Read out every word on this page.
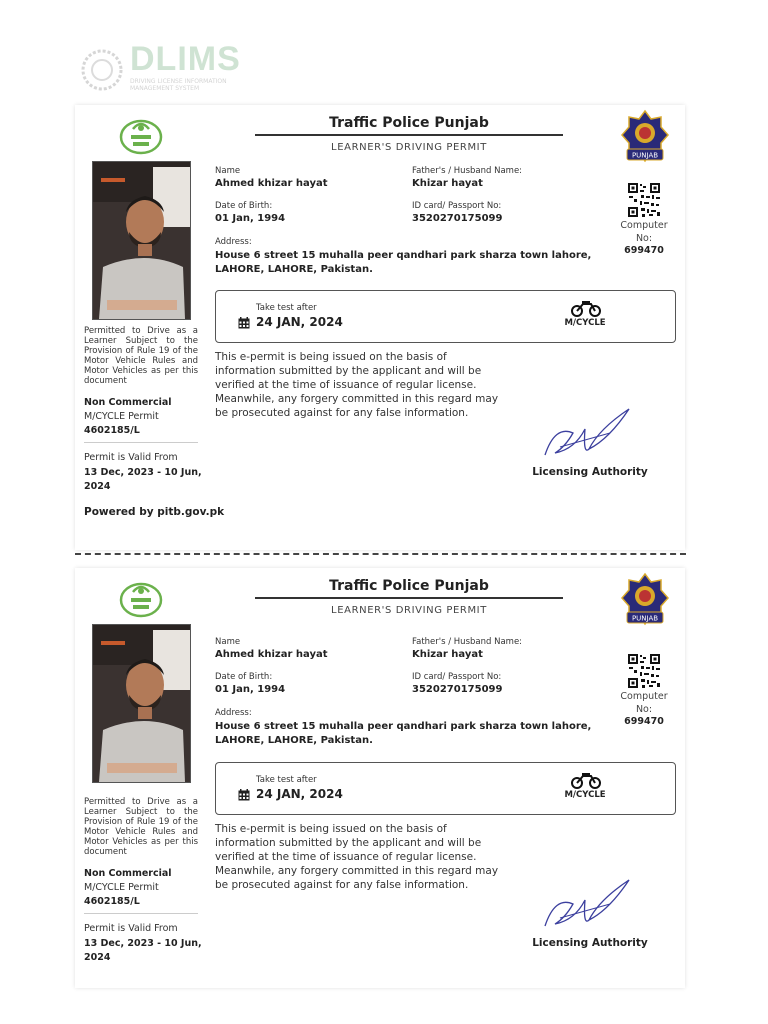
DLIMS
DRIVING LICENSE INFORMATION MANAGEMENT SYSTEM
Traffic Police Punjab
LEARNER'S DRIVING PERMIT
PUNJAB
Name
Ahmed khizar hayat
Father's / Husband Name:
Khizar hayat
Date of Birth:
01 Jan, 1994
ID card/ Passport No:
3520270175099
Address:
House 6 street 15 muhalla peer qandhari park sharza town lahore, LAHORE, LAHORE, Pakistan.
Computer No:
699470
Take test after
24 JAN, 2024	M/CYCLE
This e-permit is being issued on the basis of information submitted by the applicant and will be verified at the time of issuance of regular license. Meanwhile, any forgery committed in this regard may be prosecuted against for any false information.
Permitted to Drive as a Learner Subject to the Provision of Rule 19 of the Motor Vehicle Rules and Motor Vehicles as per this document
Non Commercial
M/CYCLE Permit
4602185/L
Permit is Valid From
13 Dec, 2023 - 10 Jun, 2024
Licensing Authority
Powered by pitb.gov.pk
Traffic Police Punjab
LEARNER'S DRIVING PERMIT
PUNJAB
Name
Ahmed khizar hayat
Father's / Husband Name:
Khizar hayat
Date of Birth:
01 Jan, 1994
ID card/ Passport No:
3520270175099
Address:
House 6 street 15 muhalla peer qandhari park sharza town lahore, LAHORE, LAHORE, Pakistan.
Computer No:
699470
Take test after
24 JAN, 2024	M/CYCLE
This e-permit is being issued on the basis of information submitted by the applicant and will be verified at the time of issuance of regular license. Meanwhile, any forgery committed in this regard may be prosecuted against for any false information.
Permitted to Drive as a Learner Subject to the Provision of Rule 19 of the Motor Vehicle Rules and Motor Vehicles as per this document
Non Commercial
M/CYCLE Permit
4602185/L
Permit is Valid From
13 Dec, 2023 - 10 Jun, 2024
Licensing Authority
